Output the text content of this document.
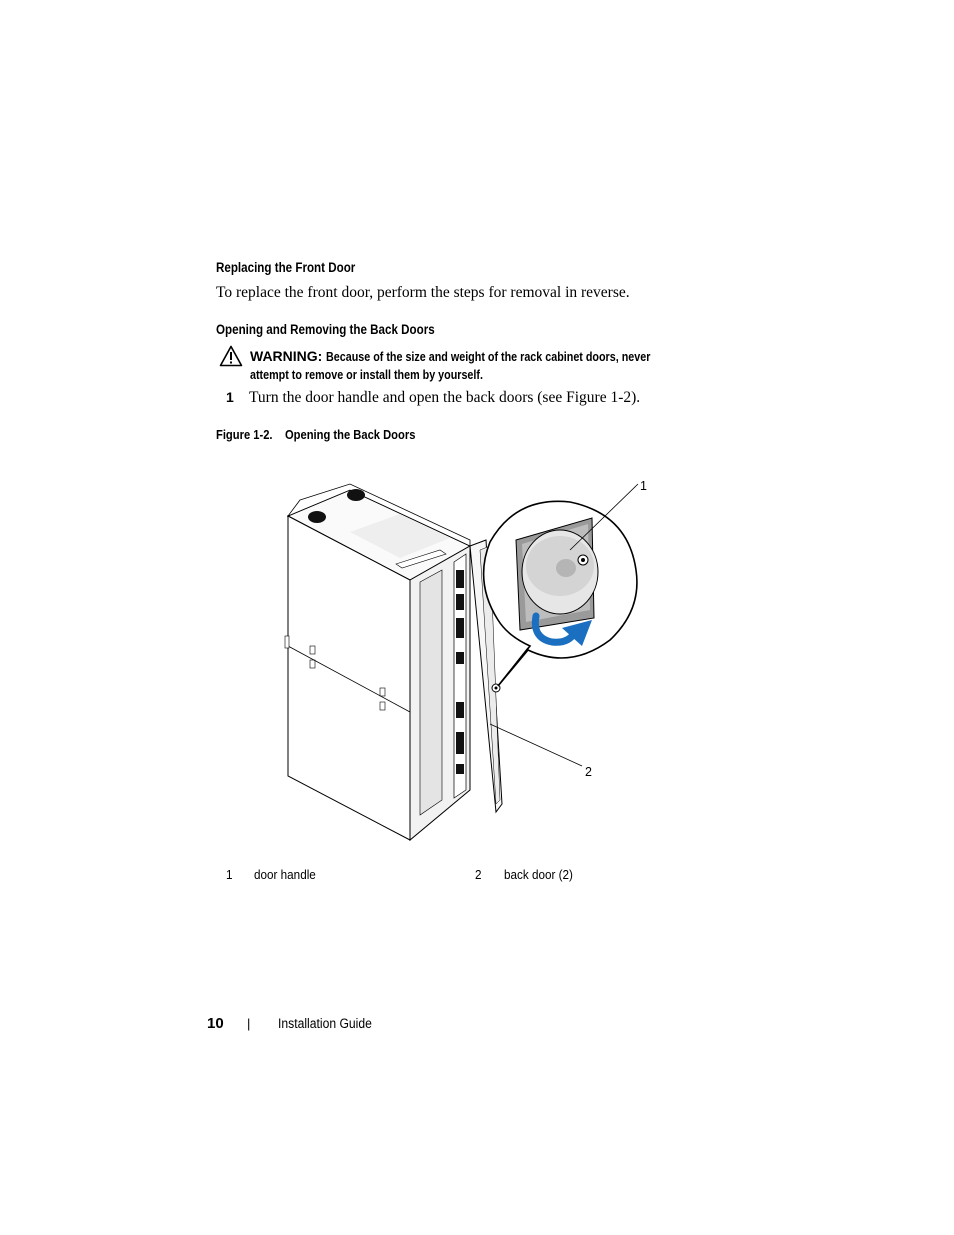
Replacing the Front Door
To replace the front door, perform the steps for removal in reverse.
Opening and Removing the Back Doors
WARNING: Because of the size and weight of the rack cabinet doors, never
attempt to remove or install them by yourself.
1 Turn the door handle and open the back doors (see Figure 1-2).
Figure 1-2.    Opening the Back Doors
1
2
1 door handle	2 back door (2)
10 | Installation Guide
